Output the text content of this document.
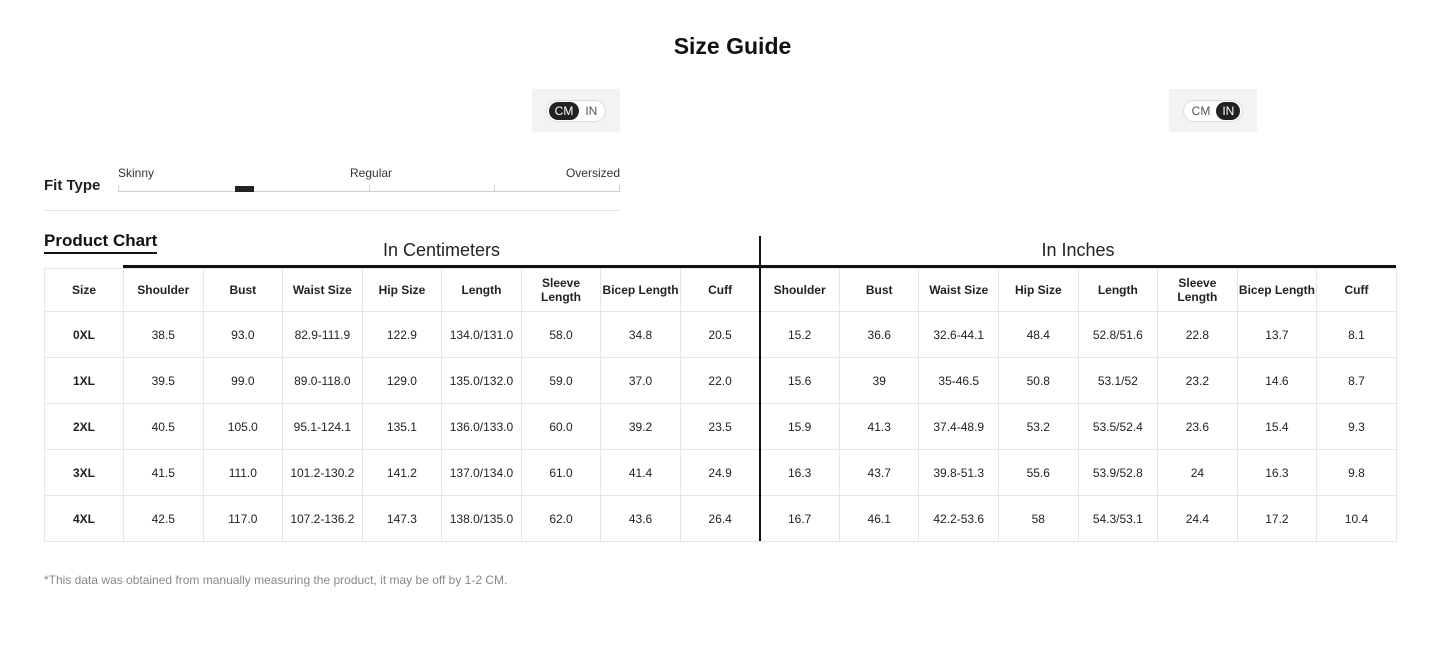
Size Guide
CM	IN	CM	IN
Fit Type
Skinny	Regular	Oversized
Product Chart	In Centimeters	In Inches
Size	Shoulder	Bust	Waist Size	Hip Size	Length	Sleeve Length	Bicep Length	Cuff	Shoulder	Bust	Waist Size	Hip Size	Length	Sleeve Length	Bicep Length	Cuff
0XL	38.5	93.0	82.9-111.9	122.9	134.0/131.0	58.0	34.8	20.5	15.2	36.6	32.6-44.1	48.4	52.8/51.6	22.8	13.7	8.1
1XL	39.5	99.0	89.0-118.0	129.0	135.0/132.0	59.0	37.0	22.0	15.6	39	35-46.5	50.8	53.1/52	23.2	14.6	8.7
2XL	40.5	105.0	95.1-124.1	135.1	136.0/133.0	60.0	39.2	23.5	15.9	41.3	37.4-48.9	53.2	53.5/52.4	23.6	15.4	9.3
3XL	41.5	111.0	101.2-130.2	141.2	137.0/134.0	61.0	41.4	24.9	16.3	43.7	39.8-51.3	55.6	53.9/52.8	24	16.3	9.8
4XL	42.5	117.0	107.2-136.2	147.3	138.0/135.0	62.0	43.6	26.4	16.7	46.1	42.2-53.6	58	54.3/53.1	24.4	17.2	10.4
*This data was obtained from manually measuring the product, it may be off by 1-2 CM.
